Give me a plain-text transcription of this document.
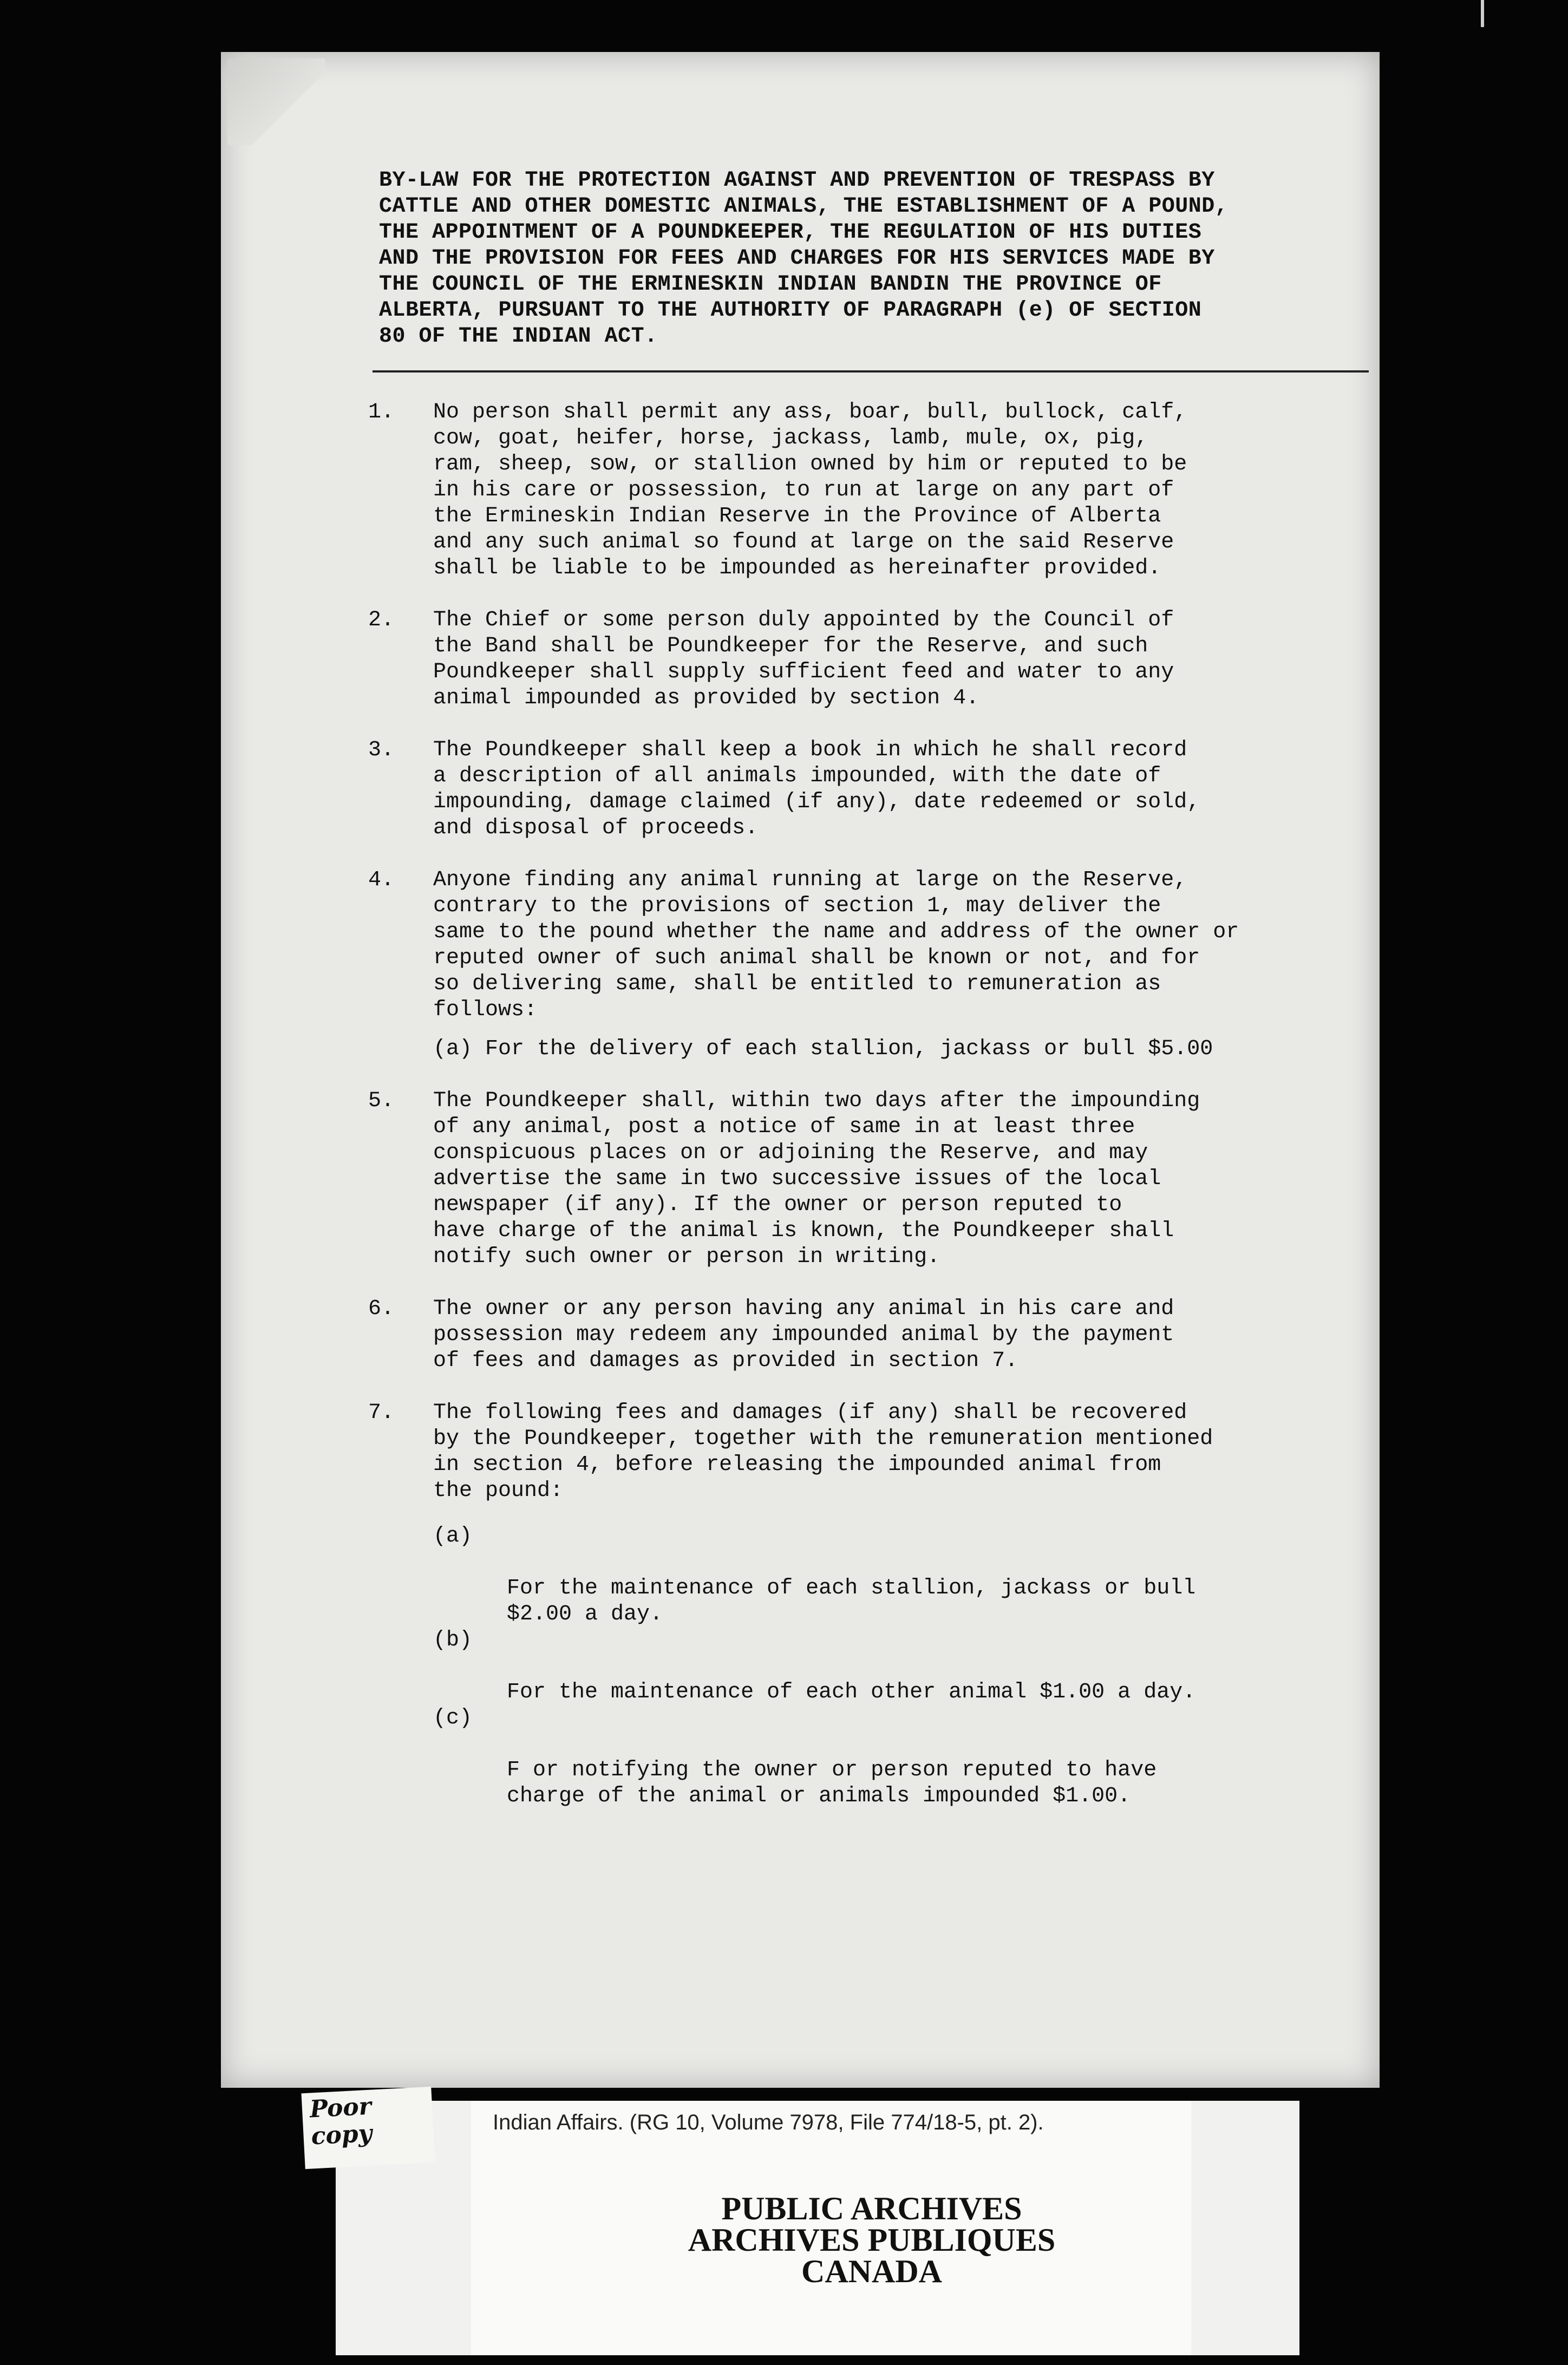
BY-LAW FOR THE PROTECTION AGAINST AND PREVENTION OF TRESPASS BY
CATTLE AND OTHER DOMESTIC ANIMALS, THE ESTABLISHMENT OF A POUND,
THE APPOINTMENT OF A POUNDKEEPER, THE REGULATION OF HIS DUTIES
AND THE PROVISION FOR FEES AND CHARGES FOR HIS SERVICES MADE BY
THE COUNCIL OF THE ERMINESKIN INDIAN BANDIN THE PROVINCE OF
ALBERTA, PURSUANT TO THE AUTHORITY OF PARAGRAPH (e) OF SECTION
80 OF THE INDIAN ACT.

1. No person shall permit any ass, boar, bull, bullock, calf,
cow, goat, heifer, horse, jackass, lamb, mule, ox, pig,
ram, sheep, sow, or stallion owned by him or reputed to be
in his care or possession, to run at large on any part of
the Ermineskin Indian Reserve in the Province of Alberta
and any such animal so found at large on the said Reserve
shall be liable to be impounded as hereinafter provided.
2. The Chief or some person duly appointed by the Council of
the Band shall be Poundkeeper for the Reserve, and such
Poundkeeper shall supply sufficient feed and water to any
animal impounded as provided by section 4.
3. The Poundkeeper shall keep a book in which he shall record
a description of all animals impounded, with the date of
impounding, damage claimed (if any), date redeemed or sold,
and disposal of proceeds.
4. Anyone finding any animal running at large on the Reserve,
contrary to the provisions of section 1, may deliver the
same to the pound whether the name and address of the owner or
reputed owner of such animal shall be known or not, and for
so delivering same, shall be entitled to remuneration as
follows:
(a) For the delivery of each stallion, jackass or bull $5.00
5. The Poundkeeper shall, within two days after the impounding
of any animal, post a notice of same in at least three
conspicuous places on or adjoining the Reserve, and may
advertise the same in two successive issues of the local
newspaper (if any). If the owner or person reputed to
have charge of the animal is known, the Poundkeeper shall
notify such owner or person in writing.
6. The owner or any person having any animal in his care and
possession may redeem any impounded animal by the payment
of fees and damages as provided in section 7.
7. The following fees and damages (if any) shall be recovered
by the Poundkeeper, together with the remuneration mentioned
in section 4, before releasing the impounded animal from
the pound:

(a)

For the maintenance of each stallion, jackass or bull
$2.00 a day.

(b)

For the maintenance of each other animal $1.00 a day.

(c)

F or notifying the owner or person reputed to have
charge of the animal or animals impounded $1.00.

Indian Affairs. (RG 10, Volume 7978, File 774/18-5, pt. 2).
PUBLIC ARCHIVES
ARCHIVES PUBLIQUES
CANADA
Poor
copy
